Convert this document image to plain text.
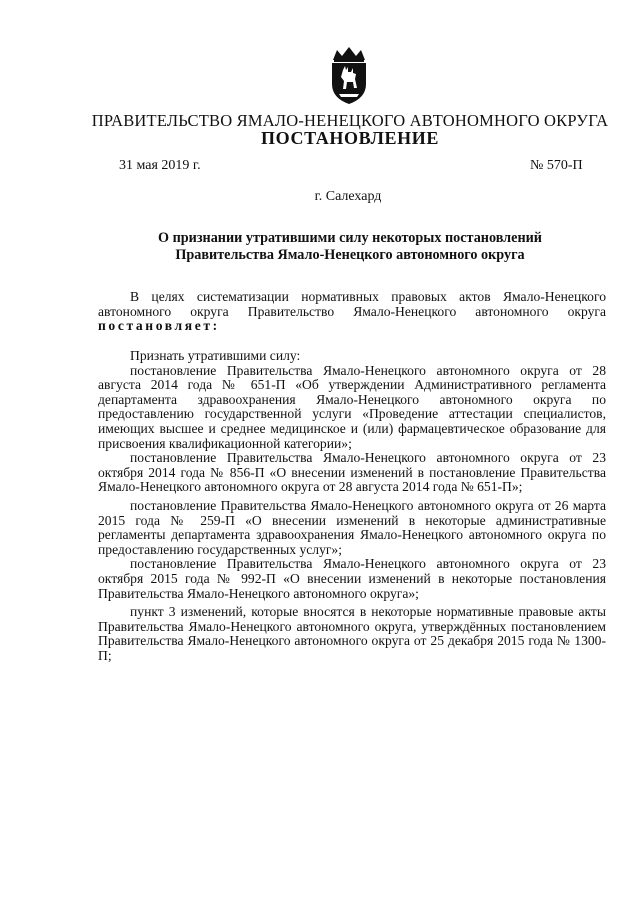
ПРАВИТЕЛЬСТВО ЯМАЛО-НЕНЕЦКОГО АВТОНОМНОГО ОКРУГА
ПОСТАНОВЛЕНИЕ
31 мая 2019 г.	№ 570-П
г. Салехард
О признании утратившими силу некоторых постановлений
Правительства Ямало-Ненецкого автономного округа

В целях систематизации нормативных правовых актов Ямало-Ненецкого автономного округа Правительство Ямало-Ненецкого автономного округа постановляет:

Признать утратившими силу:

постановление Правительства Ямало-Ненецкого автономного округа от 28 августа 2014 года № 651-П «Об утверждении Административного регламента департамента здравоохранения Ямало-Ненецкого автономного округа по предоставлению государственной услуги «Проведение аттестации специалистов, имеющих высшее и среднее медицинское и (или) фармацевтическое образование для присвоения квалификационной категории»;

постановление Правительства Ямало-Ненецкого автономного округа от 23 октября 2014 года № 856-П «О внесении изменений в постановление Правительства Ямало-Ненецкого автономного округа от 28 августа 2014 года № 651-П»;

постановление Правительства Ямало-Ненецкого автономного округа от 26 марта 2015 года № 259-П «О внесении изменений в некоторые административные регламенты департамента здравоохранения Ямало-Ненецкого автономного округа по предоставлению государственных услуг»;

постановление Правительства Ямало-Ненецкого автономного округа от 23 октября 2015 года № 992-П «О внесении изменений в некоторые постановления Правительства Ямало-Ненецкого автономного округа»;

пункт 3 изменений, которые вносятся в некоторые нормативные правовые акты Правительства Ямало-Ненецкого автономного округа, утверждённых постановлением Правительства Ямало-Ненецкого автономного округа от 25 декабря 2015 года № 1300-П;
